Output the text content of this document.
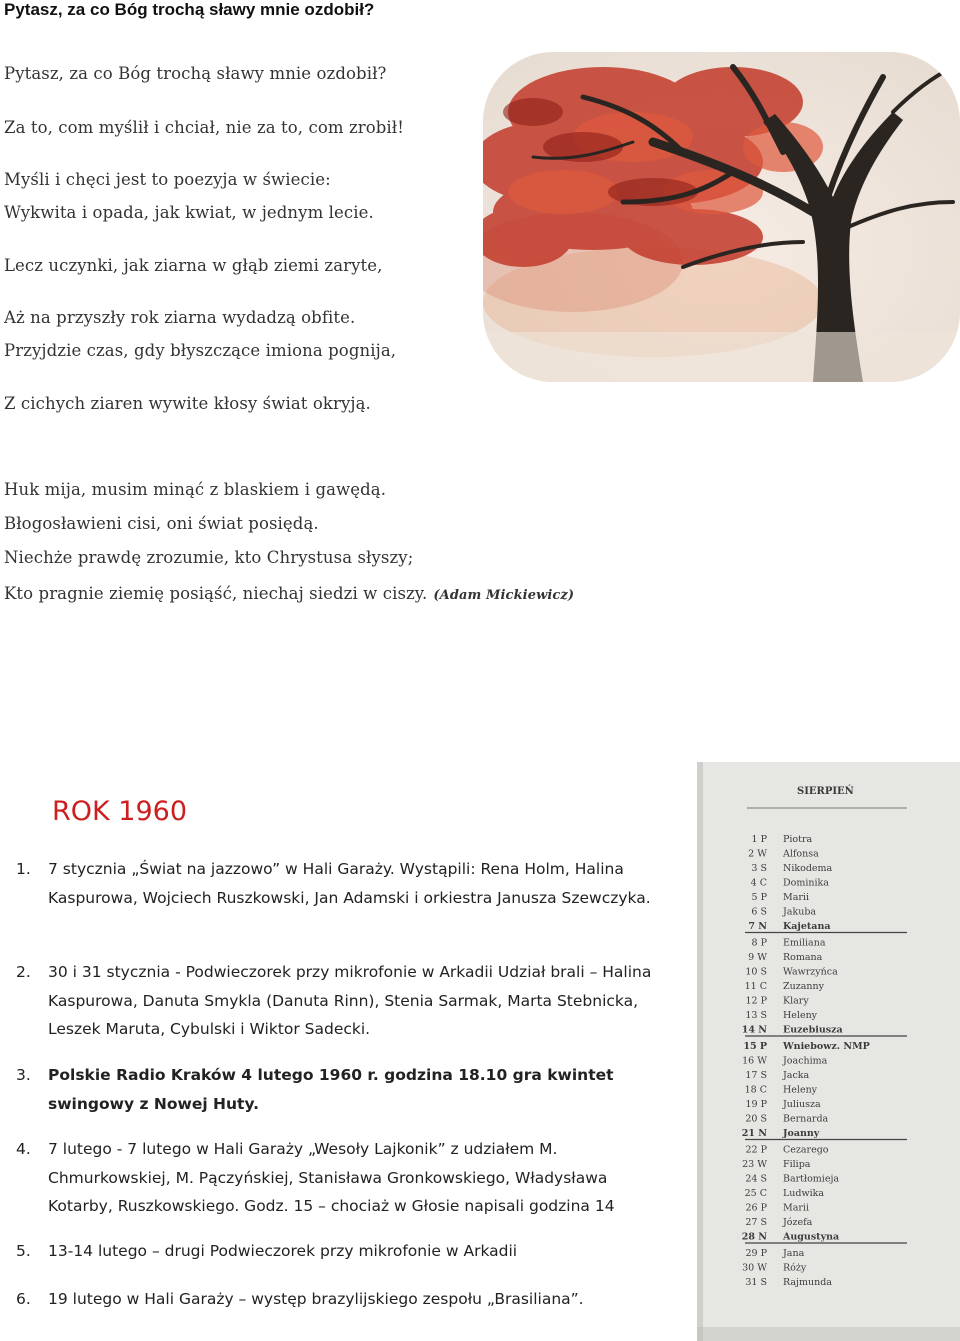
Pytasz, za co Bóg trochą sławy mnie ozdobił?
Pytasz, za co Bóg trochą sławy mnie ozdobił?
Za to, com myślił i chciał, nie za to, com zrobił!
Myśli i chęci jest to poezyja w świecie:
Wykwita i opada, jak kwiat, w jednym lecie.
Lecz uczynki, jak ziarna w głąb ziemi zaryte,
Aż na przyszły rok ziarna wydadzą obfite.
Przyjdzie czas, gdy błyszczące imiona pognija,
Z cichych ziaren wywite kłosy świat okryją.
Huk mija, musim minąć z blaskiem i gawędą.
Błogosławieni cisi, oni świat posiędą.
Niechże prawdę zrozumie, kto Chrystusa słyszy;
Kto pragnie ziemię posiąść, niechaj siedzi w ciszy. (Adam Mickiewicz)
ROK 1960
1. 7 stycznia „Świat na jazzowo” w Hali Garaży. Wystąpili: Rena Holm, Halina Kaspurowa, Wojciech Ruszkowski, Jan Adamski i orkiestra Janusza Szewczyka.
2. 30 i 31 stycznia - Podwieczorek przy mikrofonie w Arkadii Udział brali – Halina Kaspurowa, Danuta Smykla (Danuta Rinn), Stenia Sarmak, Marta Stebnicka, Leszek Maruta, Cybulski i Wiktor Sadecki.
3. Polskie Radio Kraków 4 lutego 1960 r. godzina 18.10 gra kwintet swingowy z Nowej Huty.
4. 7 lutego - 7 lutego w Hali Garaży „Wesoły Lajkonik” z udziałem M. Chmurkowskiej, M. Pączyńskiej, Stanisława Gronkowskiego, Władysława Kotarby, Ruszkowskiego. Godz. 15 – chociaż w Głosie napisali godzina 14
5. 13-14 lutego – drugi Podwieczorek przy mikrofonie w Arkadii
6. 19 lutego w Hali Garaży – występ brazylijskiego zespołu „Brasiliana”.
SIERPIEŃ
1 P Piotra
2 W Alfonsa
3 S Nikodema
4 C Dominika
5 P Marii
6 S Jakuba
7 N Kajetana
8 P Emiliana
9 W Romana
10 S Wawrzyńca
11 C Zuzanny
12 P Klary
13 S Heleny
14 N Euzebiusza
15 P Wniebowz. NMP
16 W Joachima
17 S Jacka
18 C Heleny
19 P Juliusza
20 S Bernarda
21 N Joanny
22 P Cezarego
23 W Filipa
24 S Bartłomieja
25 C Ludwika
26 P Marii
27 S Józefa
28 N Augustyna
29 P Jana
30 W Róży
31 S Rajmunda
